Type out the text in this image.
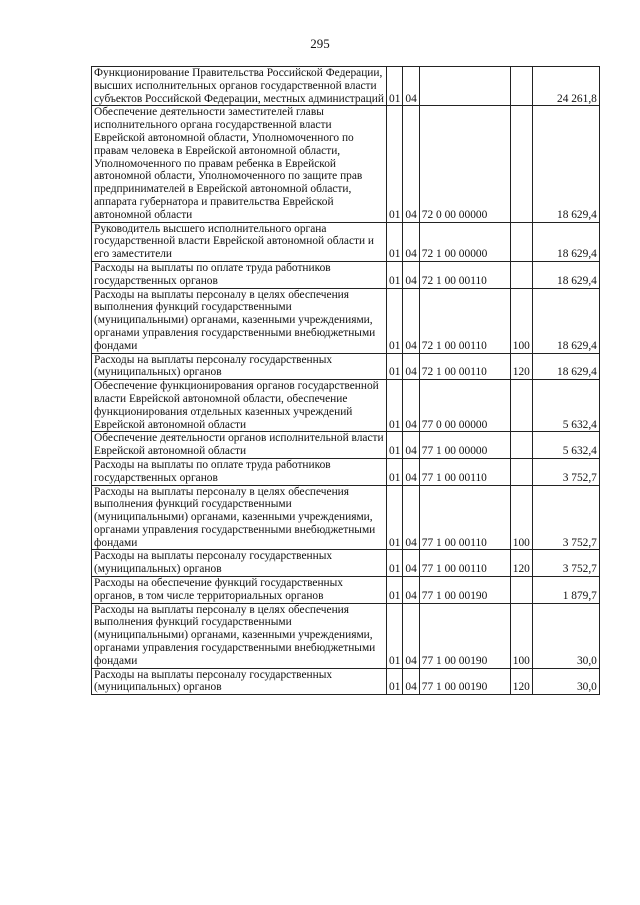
295
Функционирование Правительства Российской Федерации, высших исполнительных органов государственной власти субъектов Российской Федерации, местных администраций	01	04			24 261,8
Обеспечение деятельности заместителей главы исполнительного органа государственной власти Еврейской автономной области, Уполномоченного по правам человека в Еврейской автономной области, Уполномоченного по правам ребенка в Еврейской автономной области, Уполномоченного по защите прав предпринимателей в Еврейской автономной области, аппарата губернатора и правительства Еврейской автономной области	01	04	72 0 00 00000		18 629,4
Руководитель высшего исполнительного органа государственной власти Еврейской автономной области и его заместители	01	04	72 1 00 00000		18 629,4
Расходы на выплаты по оплате труда работников государственных органов	01	04	72 1 00 00110		18 629,4
Расходы на выплаты персоналу в целях обеспечения выполнения функций государственными (муниципальными) органами, казенными учреждениями, органами управления государственными внебюджетными фондами	01	04	72 1 00 00110	100	18 629,4
Расходы на выплаты персоналу государственных (муниципальных) органов	01	04	72 1 00 00110	120	18 629,4
Обеспечение функционирования органов государственной власти Еврейской автономной области, обеспечение функционирования отдельных казенных учреждений Еврейской автономной области	01	04	77 0 00 00000		5 632,4
Обеспечение деятельности органов исполнительной власти Еврейской автономной области	01	04	77 1 00 00000		5 632,4
Расходы на выплаты по оплате труда работников государственных органов	01	04	77 1 00 00110		3 752,7
Расходы на выплаты персоналу в целях обеспечения выполнения функций государственными (муниципальными) органами, казенными учреждениями, органами управления государственными внебюджетными фондами	01	04	77 1 00 00110	100	3 752,7
Расходы на выплаты персоналу государственных (муниципальных) органов	01	04	77 1 00 00110	120	3 752,7
Расходы на обеспечение функций государственных органов, в том числе территориальных органов	01	04	77 1 00 00190		1 879,7
Расходы на выплаты персоналу в целях обеспечения выполнения функций государственными (муниципальными) органами, казенными учреждениями, органами управления государственными внебюджетными фондами	01	04	77 1 00 00190	100	30,0
Расходы на выплаты персоналу государственных (муниципальных) органов	01	04	77 1 00 00190	120	30,0
